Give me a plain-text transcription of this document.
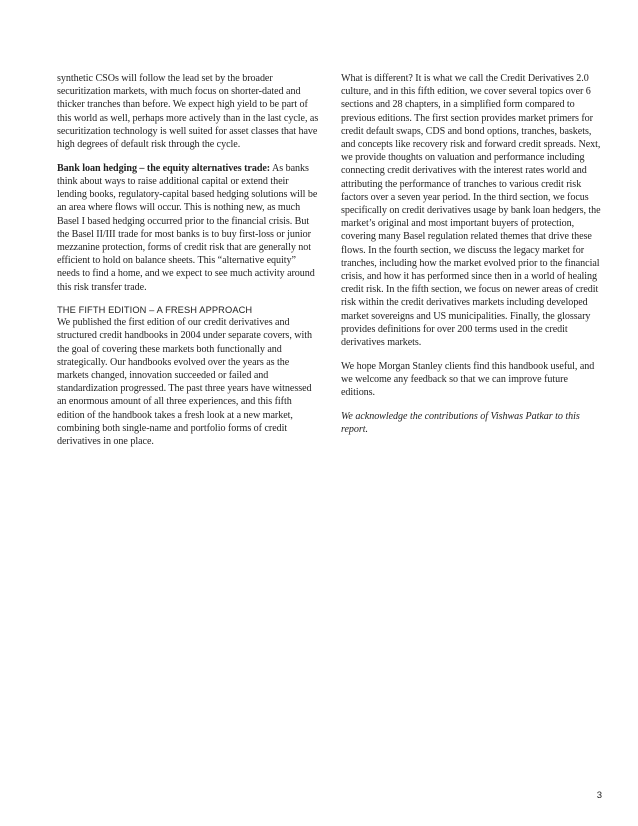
synthetic CSOs will follow the lead set by the broader securitization markets, with much focus on shorter-dated and thicker tranches than before. We expect high yield to be part of this world as well, perhaps more actively than in the last cycle, as securitization technology is well suited for asset classes that have high degrees of default risk through the cycle.

Bank loan hedging – the equity alternatives trade: As banks think about ways to raise additional capital or extend their lending books, regulatory-capital based hedging solutions will be an area where flows will occur. This is nothing new, as much Basel I based hedging occurred prior to the financial crisis. But the Basel II/III trade for most banks is to buy first-loss or junior mezzanine protection, forms of credit risk that are generally not efficient to hold on balance sheets. This “alternative equity” needs to find a home, and we expect to see much activity around this risk transfer trade.

THE FIFTH EDITION – A FRESH APPROACH

We published the first edition of our credit derivatives and structured credit handbooks in 2004 under separate covers, with the goal of covering these markets both functionally and strategically. Our handbooks evolved over the years as the markets changed, innovation succeeded or failed and standardization progressed. The past three years have witnessed an enormous amount of all three experiences, and this fifth edition of the handbook takes a fresh look at a new market, combining both single-name and portfolio forms of credit derivatives in one place.

What is different? It is what we call the Credit Derivatives 2.0 culture, and in this fifth edition, we cover several topics over 6 sections and 28 chapters, in a simplified form compared to previous editions. The first section provides market primers for credit default swaps, CDS and bond options, tranches, baskets, and concepts like recovery risk and forward credit spreads. Next, we provide thoughts on valuation and performance including connecting credit derivatives with the interest rates world and attributing the performance of tranches to various credit risk factors over a seven year period. In the third section, we focus specifically on credit derivatives usage by bank loan hedgers, the market’s original and most important buyers of protection, covering many Basel regulation related themes that drive these flows. In the fourth section, we discuss the legacy market for tranches, including how the market evolved prior to the financial crisis, and how it has performed since then in a world of healing credit risk. In the fifth section, we focus on newer areas of credit risk within the credit derivatives markets including developed market sovereigns and US municipalities. Finally, the glossary provides definitions for over 200 terms used in the credit derivatives markets.

We hope Morgan Stanley clients find this handbook useful, and we welcome any feedback so that we can improve future editions.

We acknowledge the contributions of Vishwas Patkar to this report.

3
